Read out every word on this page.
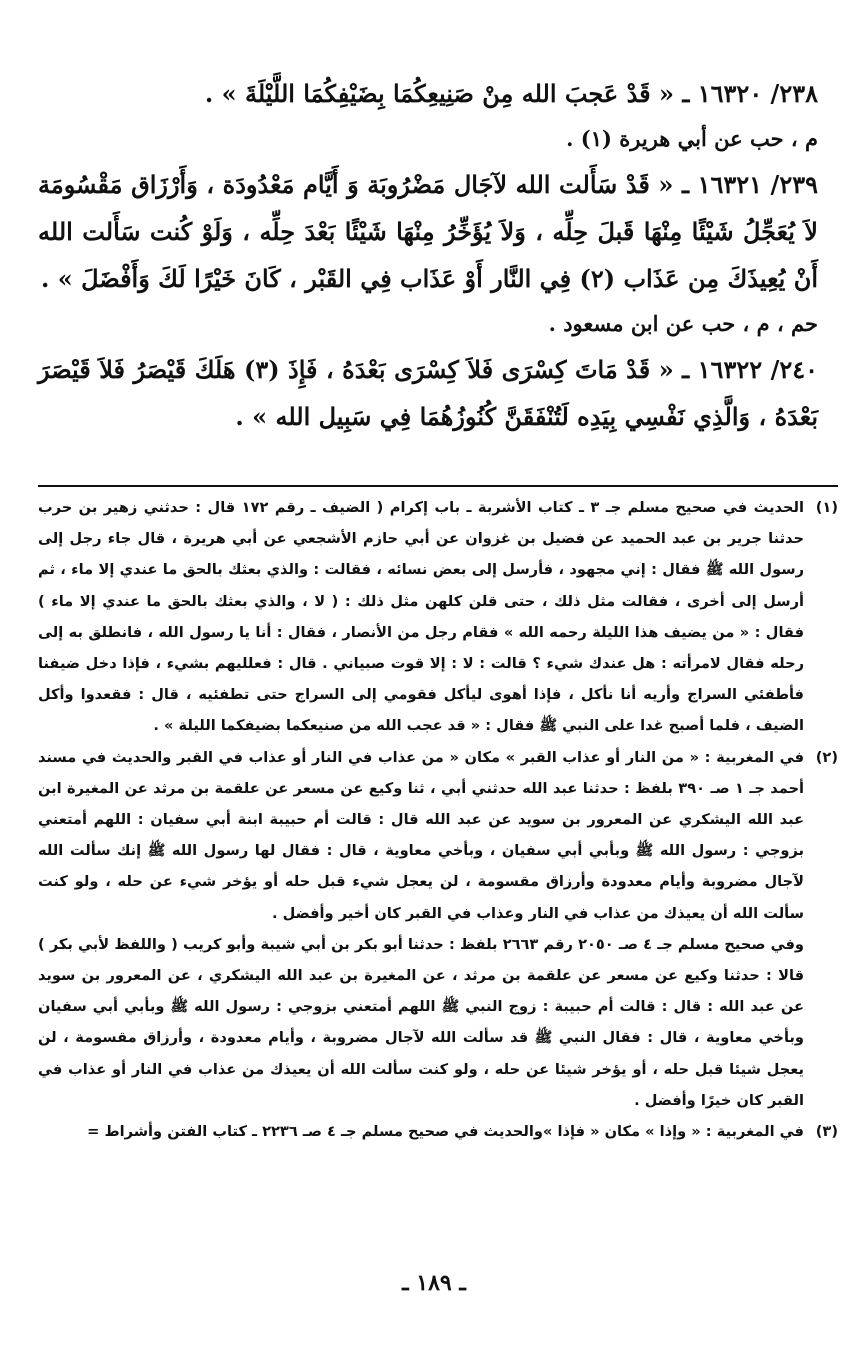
٢٣٨/ ١٦٣٢٠ ـ « قَدْ عَجبَ الله مِنْ صَنِيعِكُمَا بِضَيْفِكُمَا اللَّيْلَةَ » .
م ، حب عن أبي هريرة (١) .
٢٣٩/ ١٦٣٢١ ـ « قَدْ سَأَلت الله لآجَال مَضْرُوبَة وَ أَيَّام مَعْدُودَة ، وَأَرْزَاق مَقْسُومَة لاَ يُعَجِّلُ شَيْئًا مِنْهَا قَبلَ حِلِّه ، وَلاَ يُؤَخِّرُ مِنْهَا شَيْئًا بَعْدَ حِلِّه ، وَلَوْ كُنت سَأَلت الله أَنْ يُعِيذَكَ مِن عَذَاب (٢) فِي النَّار أَوْ عَذَاب فِي القَبْر ، كَانَ خَيْرًا لَكَ وَأَفْضَلَ » .
حم ، م ، حب عن ابن مسعود .
٢٤٠/ ١٦٣٢٢ ـ « قَدْ مَاتَ كِسْرَى فَلاَ كِسْرَى بَعْدَهُ ، فَإِذَ (٣) هَلَكَ قَيْصَرُ فَلاَ قَيْصَرَ بَعْدَهُ ، وَالَّذِي نَفْسِي بِيَدِه لَتُنْفَقَنَّ كُنُوزُهُمَا فِي سَبِيل الله » .
(١)

الحديث في صحيح مسلم جـ ٣ ـ كتاب الأشربة ـ باب إكرام ( الضيف ـ رقم ١٧٢ قال : حدثني زهير بن حرب حدثنا جرير بن عبد الحميد عن فضيل بن غزوان عن أبي حازم الأشجعي عن أبي هريرة ، قال جاء رجل إلى رسول الله ﷺ فقال : إني مجهود ، فأرسل إلى بعض نسائه ، فقالت : والذي بعثك بالحق ما عندي إلا ماء ، ثم أرسل إلى أخرى ، فقالت مثل ذلك ، حتى قلن كلهن مثل ذلك : ( لا ، والذي بعثك بالحق ما عندي إلا ماء ) فقال : « من يضيف هذا الليلة رحمه الله » فقام رجل من الأنصار ، فقال : أنا يا رسول الله ، فانطلق به إلى رحله فقال لامرأته : هل عندك شيء ؟ قالت : لا : إلا قوت صبياني . قال : فعلليهم بشيء ، فإذا دخل ضيفنا فأطفئي السراج وأريه أنا نأكل ، فإذا أهوى ليأكل فقومي إلى السراج حتى تطفئيه ، قال : فقعدوا وأكل الضيف ، فلما أصبح غدا على النبي ﷺ فقال : « قد عجب الله من صنيعكما بضيفكما الليلة » .

(٢)

في المغربية : « من النار أو عذاب القبر » مكان « من عذاب في النار أو عذاب في القبر والحديث في مسند أحمد جـ ١ صـ ٣٩٠ بلفظ : حدثنا عبد الله حدثني أبي ، ثنا وكيع عن مسعر عن علقمة بن مرثد عن المغيرة ابن عبد الله اليشكري عن المعرور بن سويد عن عبد الله قال : قالت أم حبيبة ابنة أبي سفيان : اللهم أمتعني بزوجي : رسول الله ﷺ وبأبي أبي سفيان ، وبأخي معاوية ، قال : فقال لها رسول الله ﷺ إنك سألت الله لآجال مضروبة وأيام معدودة وأرزاق مقسومة ، لن يعجل شيء قبل حله أو يؤخر شيء عن حله ، ولو كنت سألت الله أن يعيذك من عذاب في النار وعذاب في القبر كان أخير وأفضل .

وفي صحيح مسلم جـ ٤ صـ ٢٠٥٠ رقم ٢٦٦٣ بلفظ : حدثنا أبو بكر بن أبي شيبة وأبو كريب ( واللفظ لأبي بكر ) قالا : حدثنا وكيع عن مسعر عن علقمة بن مرثد ، عن المغيرة بن عبد الله اليشكري ، عن المعرور بن سويد عن عبد الله : قال : قالت أم حبيبة : زوج النبي ﷺ اللهم أمتعني بزوجي : رسول الله ﷺ وبأبي أبي سفيان وبأخي معاوية ، قال : فقال النبي ﷺ قد سألت الله لآجال مضروبة ، وأيام معدودة ، وأرزاق مقسومة ، لن يعجل شيئا قبل حله ، أو يؤخر شيئا عن حله ، ولو كنت سألت الله أن يعيذك من عذاب في النار أو عذاب في القبر كان خيرًا وأفضل .

(٣)

في المغربية : « وإذا » مكان « فإذا »والحديث في صحيح مسلم جـ ٤ صـ ٢٢٣٦ ـ كتاب الفتن وأشراط =

ـ ١٨٩ ـ
